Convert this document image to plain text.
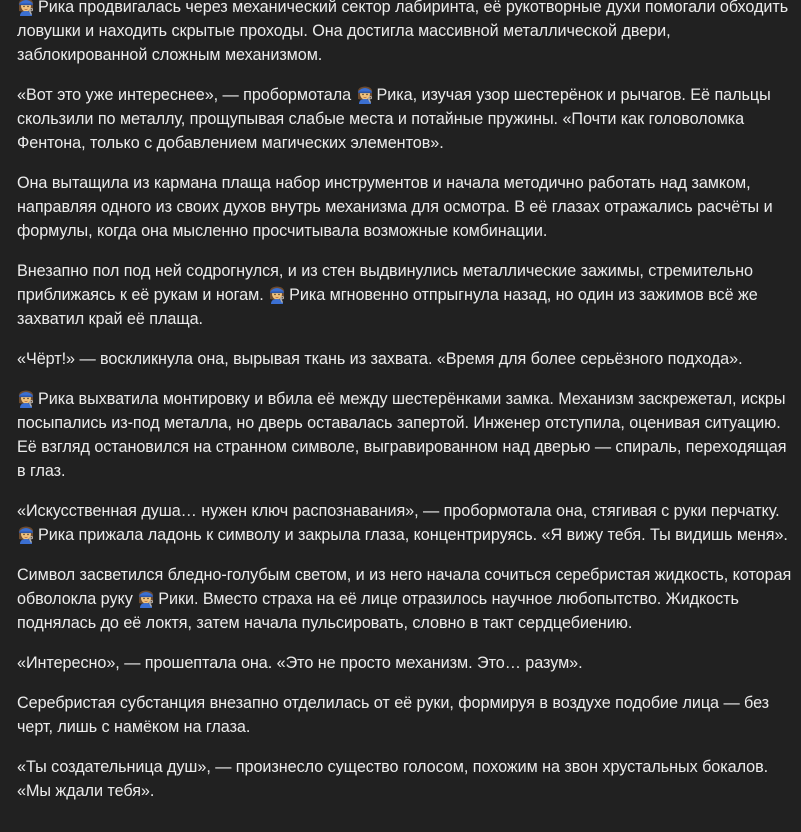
Рика продвигалась через механический сектор лабиринта, её рукотворные духи помогали обходить ловушки и находить скрытые проходы. Она достигла массивной металлической двери, заблокированной сложным механизмом.

«Вот это уже интереснее», — пробормотала
Рика, изучая узор шестерёнок и рычагов. Её пальцы скользили по металлу, прощупывая слабые места и потайные пружины. «Почти как головоломка Фентона, только с добавлением магических элементов».

Она вытащила из кармана плаща набор инструментов и начала методично работать над замком, направляя одного из своих духов внутрь механизма для осмотра. В её глазах отражались расчёты и формулы, когда она мысленно просчитывала возможные комбинации.

Внезапно пол под ней содрогнулся, и из стен выдвинулись металлические зажимы, стремительно приближаясь к её рукам и ногам.
Рика мгновенно отпрыгнула назад, но один из зажимов всё же захватил край её плаща.

«Чёрт!» — воскликнула она, вырывая ткань из захвата. «Время для более серьёзного подхода».

Рика выхватила монтировку и вбила её между шестерёнками замка. Механизм заскрежетал, искры посыпались из-под металла, но дверь оставалась запертой. Инженер отступила, оценивая ситуацию. Её взгляд остановился на странном символе, выгравированном над дверью — спираль, переходящая в глаз.

«Искусственная душа… нужен ключ распознавания», — пробормотала она, стягивая с руки перчатку.
Рика прижала ладонь к символу и закрыла глаза, концентрируясь. «Я вижу тебя. Ты видишь меня».

Символ засветился бледно-голубым светом, и из него начала сочиться серебристая жидкость, которая обволокла руку
Рики. Вместо страха на её лице отразилось научное любопытство. Жидкость поднялась до её локтя, затем начала пульсировать, словно в такт сердцебиению.

«Интересно», — прошептала она. «Это не просто механизм. Это… разум».

Серебристая субстанция внезапно отделилась от её руки, формируя в воздухе подобие лица — без черт, лишь с намёком на глаза.

«Ты создательница душ», — произнесло существо голосом, похожим на звон хрустальных бокалов. «Мы ждали тебя».
